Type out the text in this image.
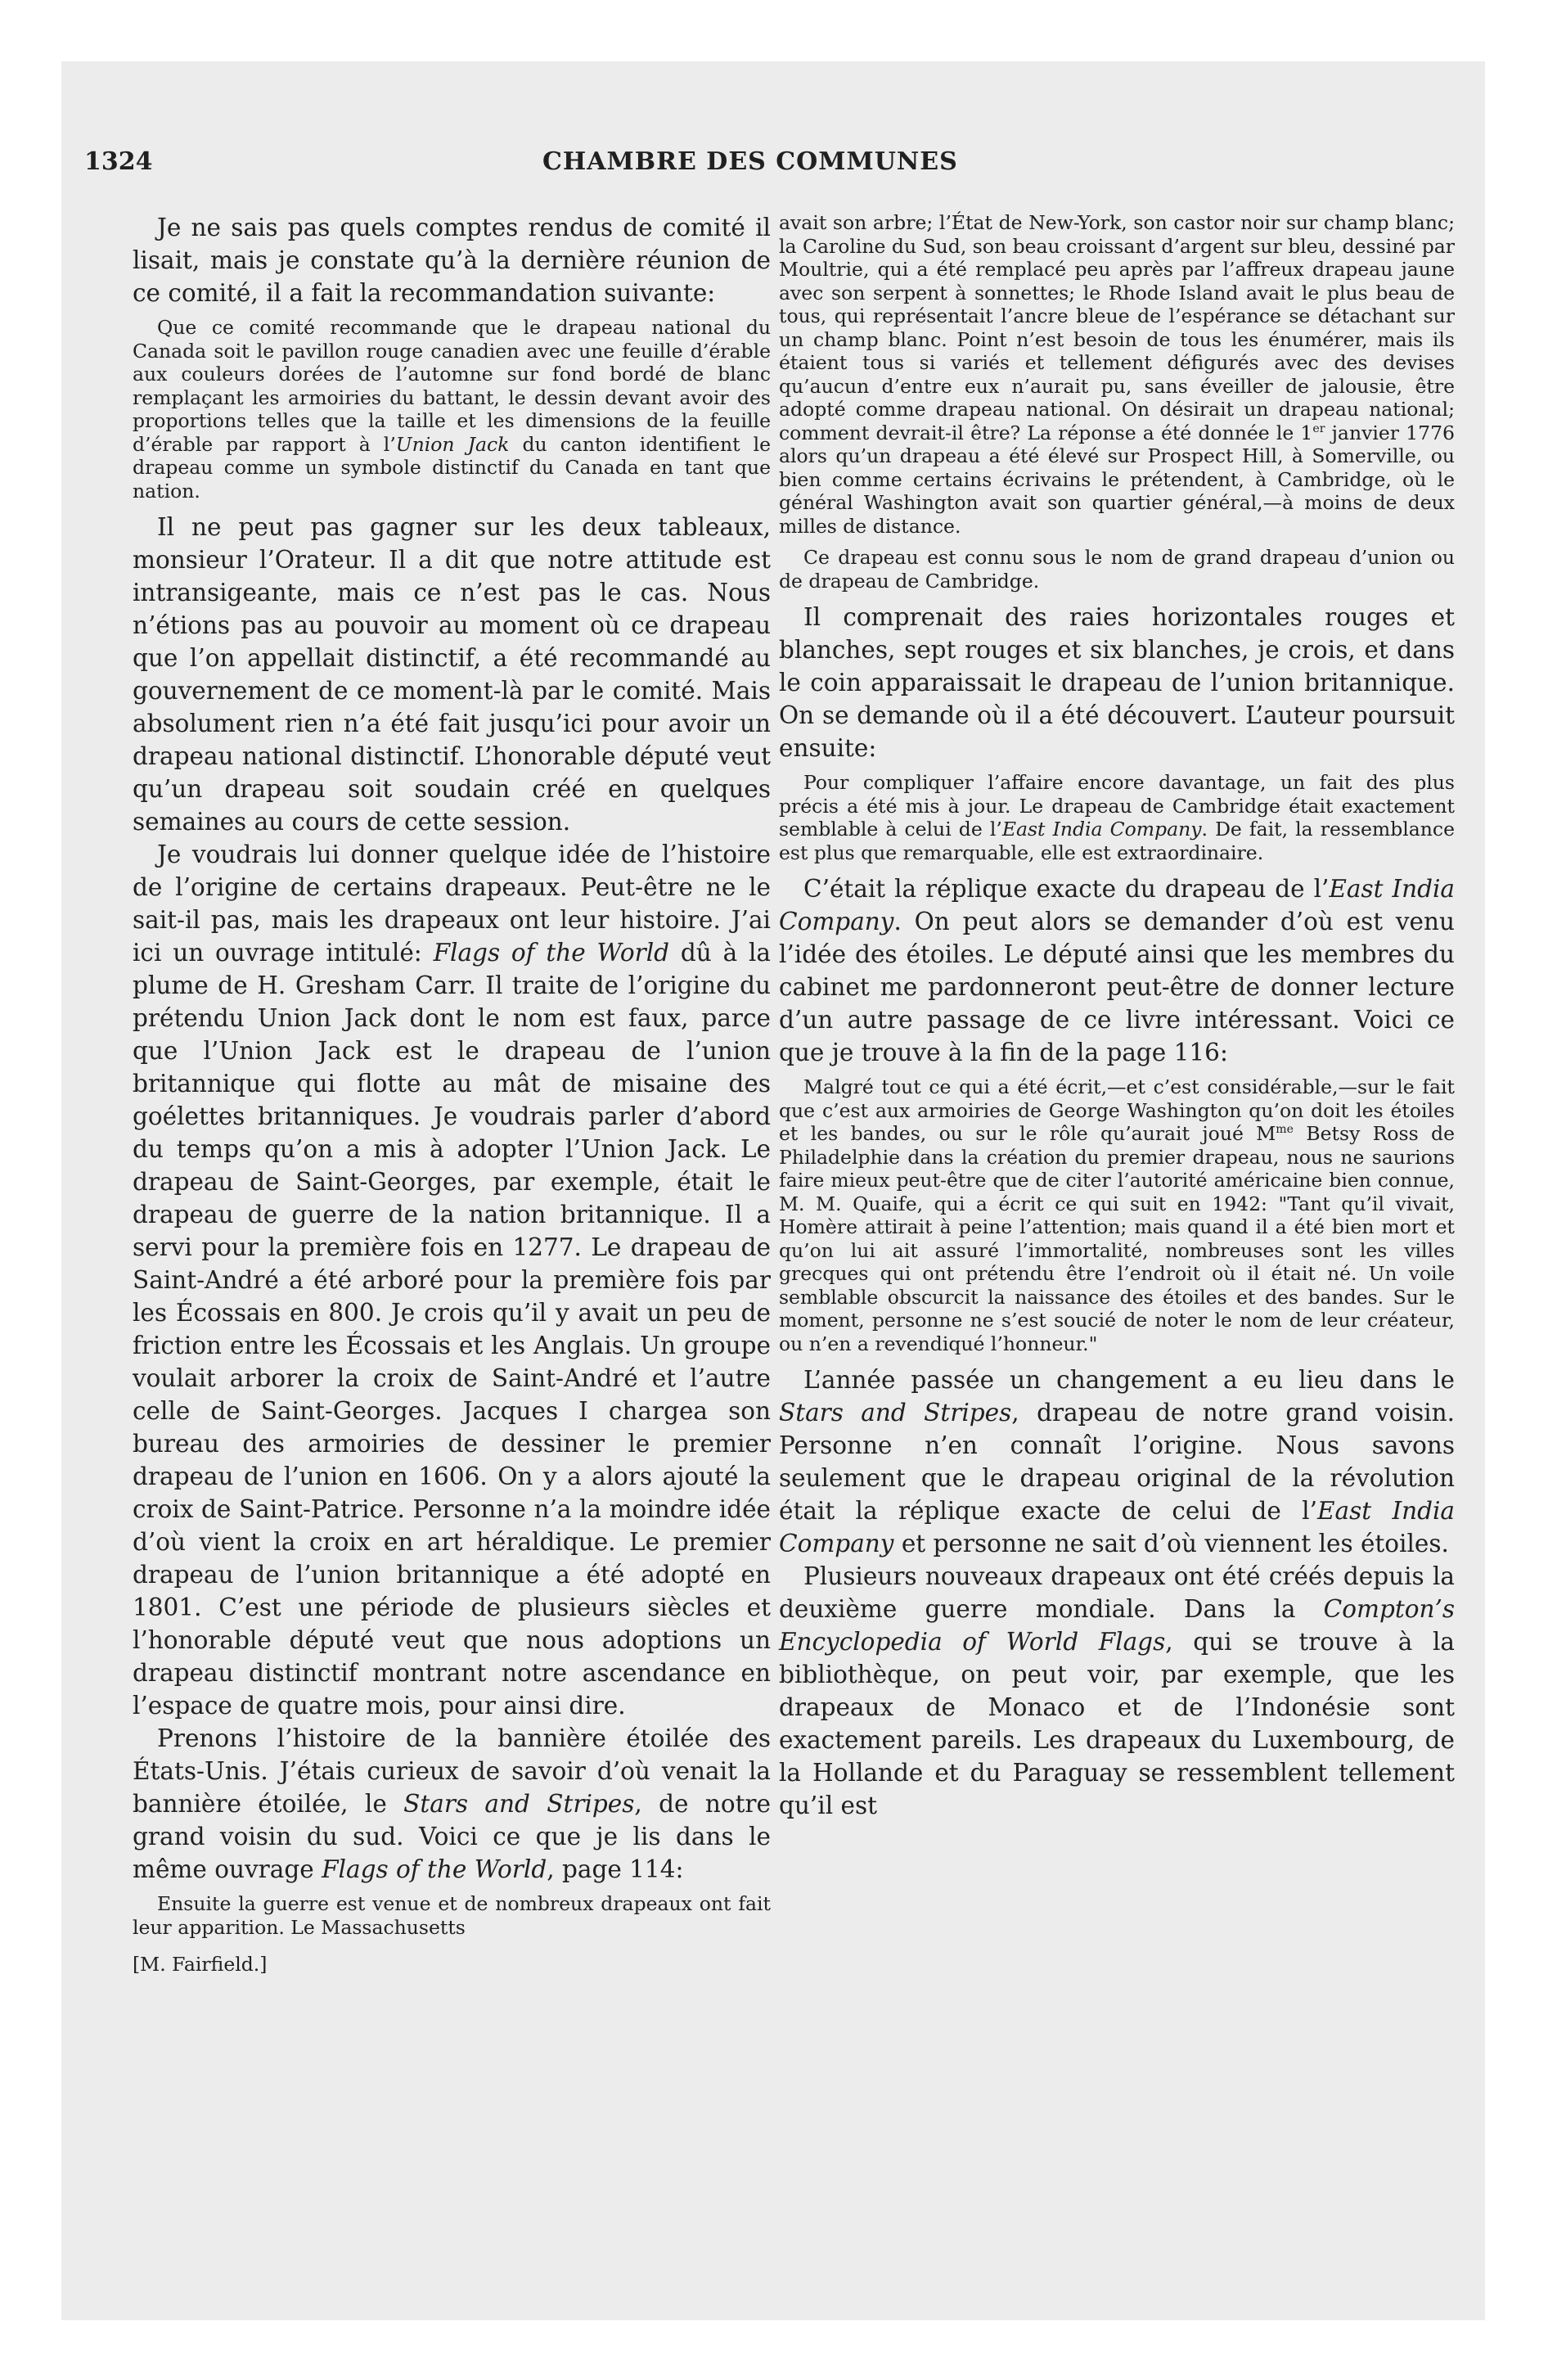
1324	CHAMBRE DES COMMUNES

Je ne sais pas quels comptes rendus de comité il lisait, mais je constate qu’à la dernière réunion de ce comité, il a fait la recommandation suivante:

Que ce comité recommande que le drapeau national du Canada soit le pavillon rouge canadien avec une feuille d’érable aux couleurs dorées de l’automne sur fond bordé de blanc remplaçant les armoiries du battant, le dessin devant avoir des proportions telles que la taille et les dimensions de la feuille d’érable par rapport à l’Union Jack du canton identifient le drapeau comme un symbole distinctif du Canada en tant que nation.

Il ne peut pas gagner sur les deux tableaux, monsieur l’Orateur. Il a dit que notre attitude est intransigeante, mais ce n’est pas le cas. Nous n’étions pas au pouvoir au moment où ce drapeau que l’on appellait distinctif, a été recommandé au gouvernement de ce moment-là par le comité. Mais absolument rien n’a été fait jusqu’ici pour avoir un drapeau national distinctif. L’honorable député veut qu’un drapeau soit soudain créé en quelques semaines au cours de cette session.

Je voudrais lui donner quelque idée de l’histoire de l’origine de certains drapeaux. Peut-être ne le sait-il pas, mais les drapeaux ont leur histoire. J’ai ici un ouvrage intitulé: Flags of the World dû à la plume de H. Gresham Carr. Il traite de l’origine du prétendu Union Jack dont le nom est faux, parce que l’Union Jack est le drapeau de l’union britannique qui flotte au mât de misaine des goélettes britanniques. Je voudrais parler d’abord du temps qu’on a mis à adopter l’Union Jack. Le drapeau de Saint-Georges, par exemple, était le drapeau de guerre de la nation britannique. Il a servi pour la première fois en 1277. Le drapeau de Saint-André a été arboré pour la première fois par les Écossais en 800. Je crois qu’il y avait un peu de friction entre les Écossais et les Anglais. Un groupe voulait arborer la croix de Saint-André et l’autre celle de Saint-Georges. Jacques I chargea son bureau des armoiries de dessiner le premier drapeau de l’union en 1606. On y a alors ajouté la croix de Saint-Patrice. Personne n’a la moindre idée d’où vient la croix en art héraldique. Le premier drapeau de l’union britannique a été adopté en 1801. C’est une période de plusieurs siècles et l’honorable député veut que nous adoptions un drapeau distinctif montrant notre ascendance en l’espace de quatre mois, pour ainsi dire.

Prenons l’histoire de la bannière étoilée des États-Unis. J’étais curieux de savoir d’où venait la bannière étoilée, le Stars and Stripes, de notre grand voisin du sud. Voici ce que je lis dans le même ouvrage Flags of the World, page 114:

Ensuite la guerre est venue et de nombreux drapeaux ont fait leur apparition. Le Massachusetts

[M. Fairfield.]

avait son arbre; l’État de New-York, son castor noir sur champ blanc; la Caroline du Sud, son beau croissant d’argent sur bleu, dessiné par Moultrie, qui a été remplacé peu après par l’affreux drapeau jaune avec son serpent à sonnettes; le Rhode Island avait le plus beau de tous, qui représentait l’ancre bleue de l’espérance se détachant sur un champ blanc. Point n’est besoin de tous les énumérer, mais ils étaient tous si variés et tellement défigurés avec des devises qu’aucun d’entre eux n’aurait pu, sans éveiller de jalousie, être adopté comme drapeau national. On désirait un drapeau national; comment devrait-il être? La réponse a été donnée le 1er janvier 1776 alors qu’un drapeau a été élevé sur Prospect Hill, à Somerville, ou bien comme certains écrivains le prétendent, à Cambridge, où le général Washington avait son quartier général,—à moins de deux milles de distance.

Ce drapeau est connu sous le nom de grand drapeau d’union ou de drapeau de Cambridge.

Il comprenait des raies horizontales rouges et blanches, sept rouges et six blanches, je crois, et dans le coin apparaissait le drapeau de l’union britannique. On se demande où il a été découvert. L’auteur poursuit ensuite:

Pour compliquer l’affaire encore davantage, un fait des plus précis a été mis à jour. Le drapeau de Cambridge était exactement semblable à celui de l’East India Company. De fait, la ressemblance est plus que remarquable, elle est extraordinaire.

C’était la réplique exacte du drapeau de l’East India Company. On peut alors se demander d’où est venu l’idée des étoiles. Le député ainsi que les membres du cabinet me pardonneront peut-être de donner lecture d’un autre passage de ce livre intéressant. Voici ce que je trouve à la fin de la page 116:

Malgré tout ce qui a été écrit,—et c’est considérable,—sur le fait que c’est aux armoiries de George Washington qu’on doit les étoiles et les bandes, ou sur le rôle qu’aurait joué $M^{me}$ Betsy Ross de Philadelphie dans la création du premier drapeau, nous ne saurions faire mieux peut-être que de citer l’autorité américaine bien connue, M. M. Quaife, qui a écrit ce qui suit en 1942: "Tant qu’il vivait, Homère attirait à peine l’attention; mais quand il a été bien mort et qu’on lui ait assuré l’immortalité, nombreuses sont les villes grecques qui ont prétendu être l’endroit où il était né. Un voile semblable obscurcit la naissance des étoiles et des bandes. Sur le moment, personne ne s’est soucié de noter le nom de leur créateur, ou n’en a revendiqué l’honneur."

L’année passée un changement a eu lieu dans le Stars and Stripes, drapeau de notre grand voisin. Personne n’en connaît l’origine. Nous savons seulement que le drapeau original de la révolution était la réplique exacte de celui de l’East India Company et personne ne sait d’où viennent les étoiles.

Plusieurs nouveaux drapeaux ont été créés depuis la deuxième guerre mondiale. Dans la Compton’s Encyclopedia of World Flags, qui se trouve à la bibliothèque, on peut voir, par exemple, que les drapeaux de Monaco et de l’Indonésie sont exactement pareils. Les drapeaux du Luxembourg, de la Hollande et du Paraguay se ressemblent tellement qu’il est
